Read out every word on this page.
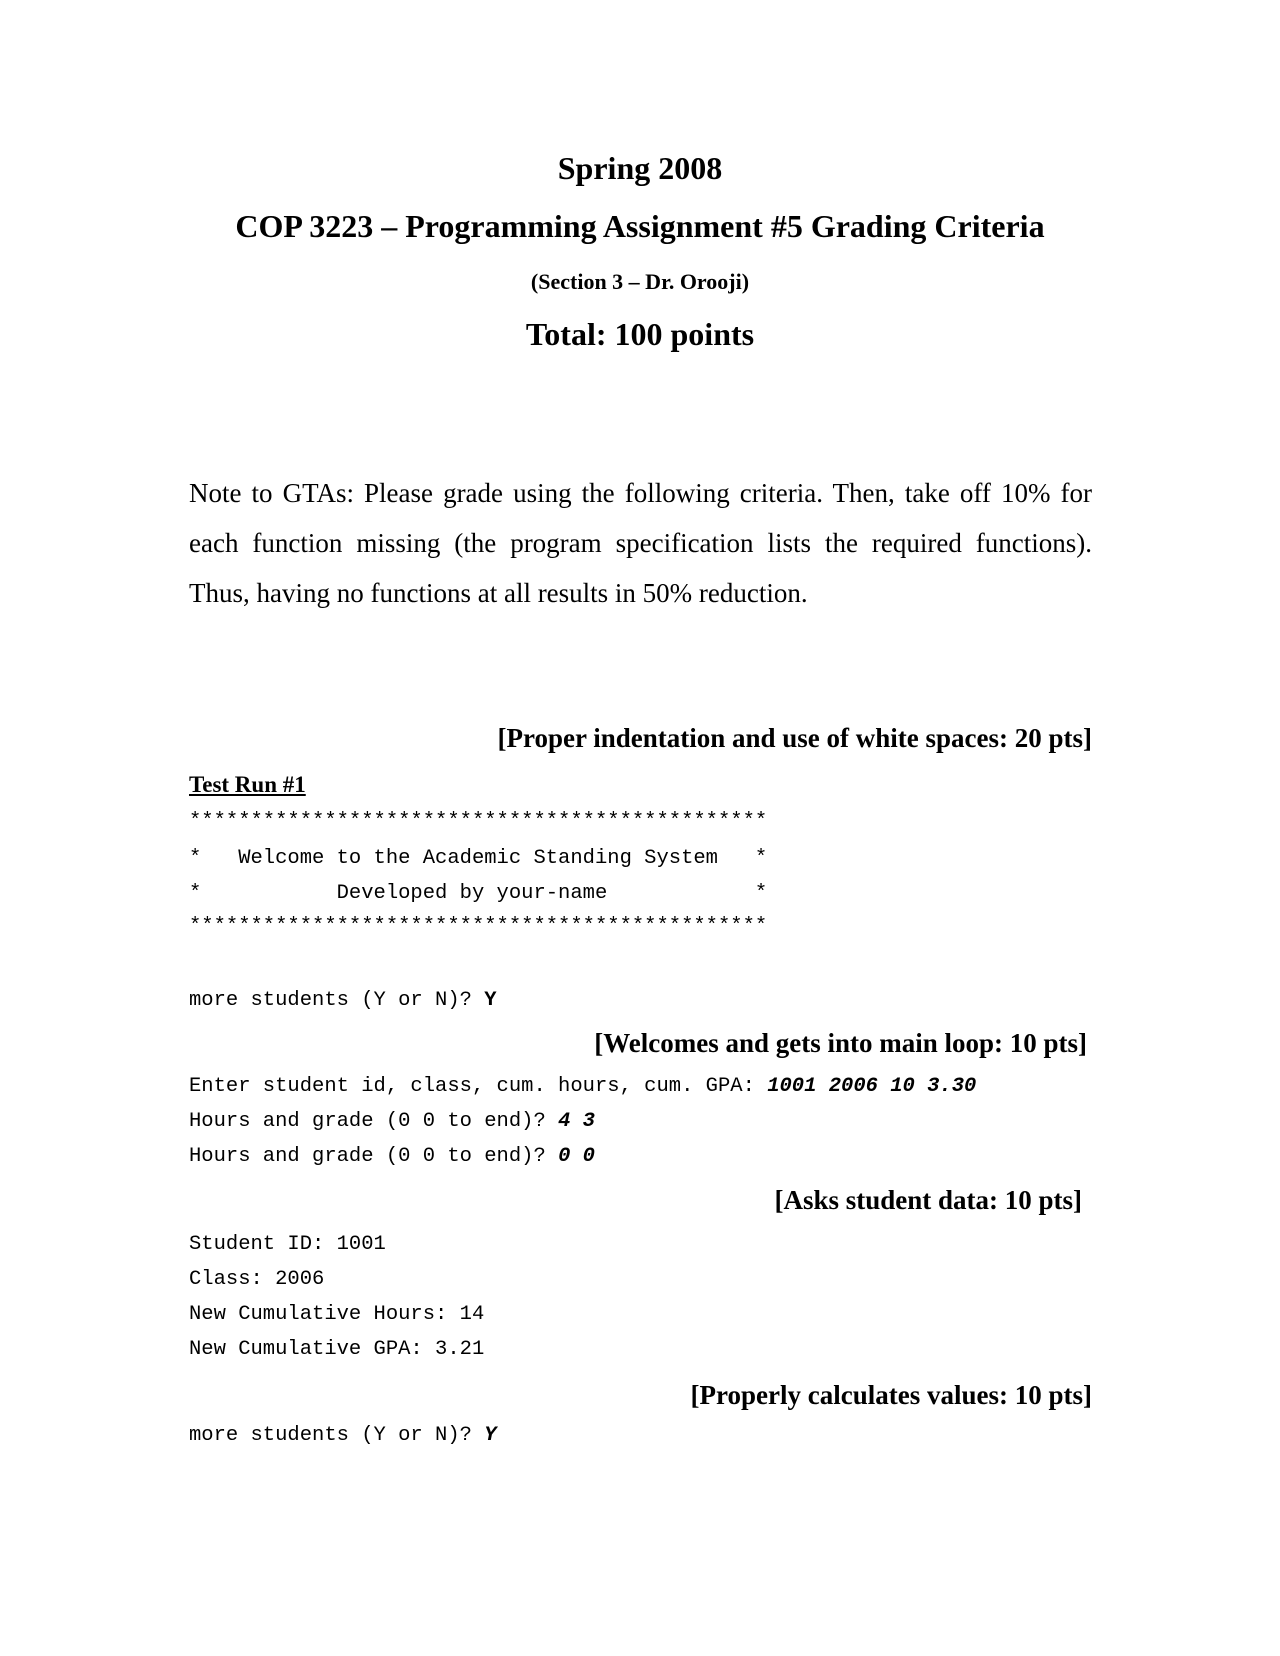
Spring 2008
COP 3223 – Programming Assignment #5 Grading Criteria
(Section 3 – Dr. Orooji)
Total: 100 points

Note to GTAs: Please grade using the following criteria. Then, take off 10% for each function missing (the program specification lists the required functions). Thus, having no functions at all results in 50% reduction.

[Proper indentation and use of white spaces: 20 pts]
Test Run #1
***********************************************
*   Welcome to the Academic Standing System   *
*           Developed by your-name            *
***********************************************
more students (Y or N)? Y
[Welcomes and gets into main loop: 10 pts]
Enter student id, class, cum. hours, cum. GPA: 1001 2006 10 3.30
Hours and grade (0 0 to end)? 4 3
Hours and grade (0 0 to end)? 0 0
[Asks student data: 10 pts]
Student ID: 1001
Class: 2006
New Cumulative Hours: 14
New Cumulative GPA: 3.21
[Properly calculates values: 10 pts]
more students (Y or N)? Y
